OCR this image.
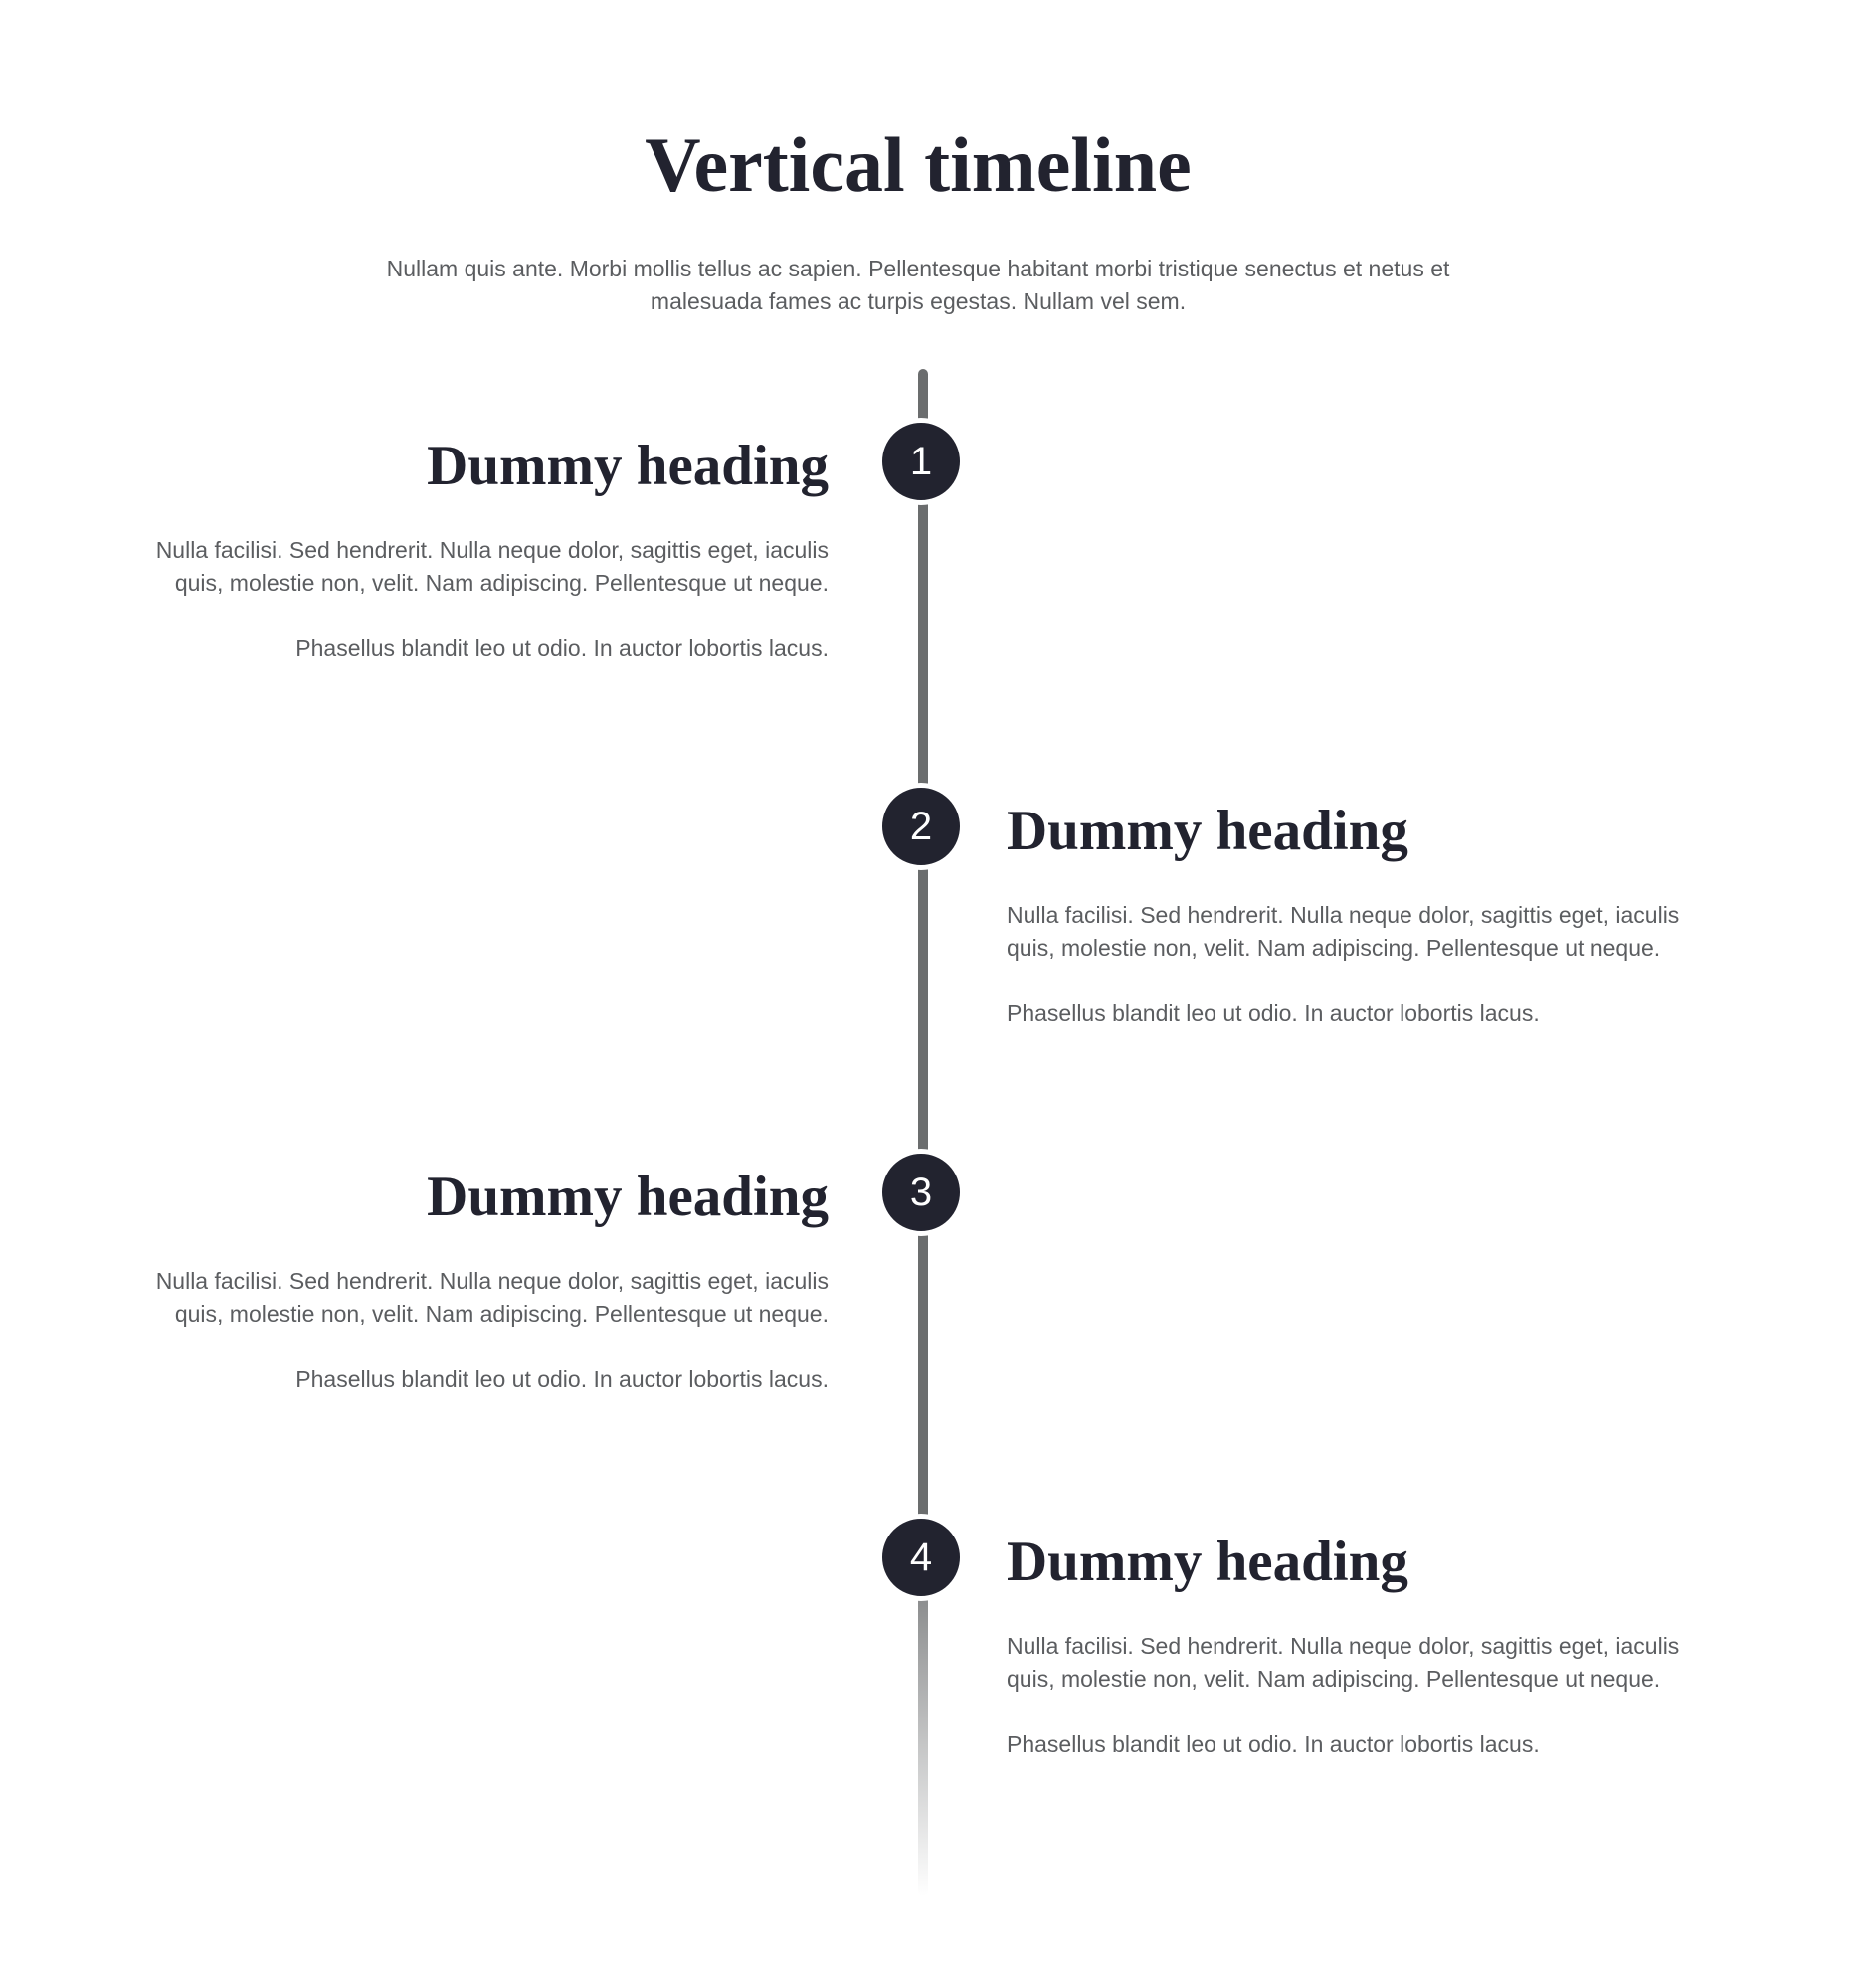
Vertical timeline

Nullam quis ante. Morbi mollis tellus ac sapien. Pellentesque habitant morbi tristique senectus et netus et malesuada fames ac turpis egestas. Nullam vel sem.

1
Dummy heading

Nulla facilisi. Sed hendrerit. Nulla neque dolor, sagittis eget, iaculis quis, molestie non, velit. Nam adipiscing. Pellentesque ut neque.

Phasellus blandit leo ut odio. In auctor lobortis lacus.

2	Dummy heading

Nulla facilisi. Sed hendrerit. Nulla neque dolor, sagittis eget, iaculis quis, molestie non, velit. Nam adipiscing. Pellentesque ut neque.

Phasellus blandit leo ut odio. In auctor lobortis lacus.

3
Dummy heading

Nulla facilisi. Sed hendrerit. Nulla neque dolor, sagittis eget, iaculis quis, molestie non, velit. Nam adipiscing. Pellentesque ut neque.

Phasellus blandit leo ut odio. In auctor lobortis lacus.

4	Dummy heading

Nulla facilisi. Sed hendrerit. Nulla neque dolor, sagittis eget, iaculis quis, molestie non, velit. Nam adipiscing. Pellentesque ut neque.

Phasellus blandit leo ut odio. In auctor lobortis lacus.
